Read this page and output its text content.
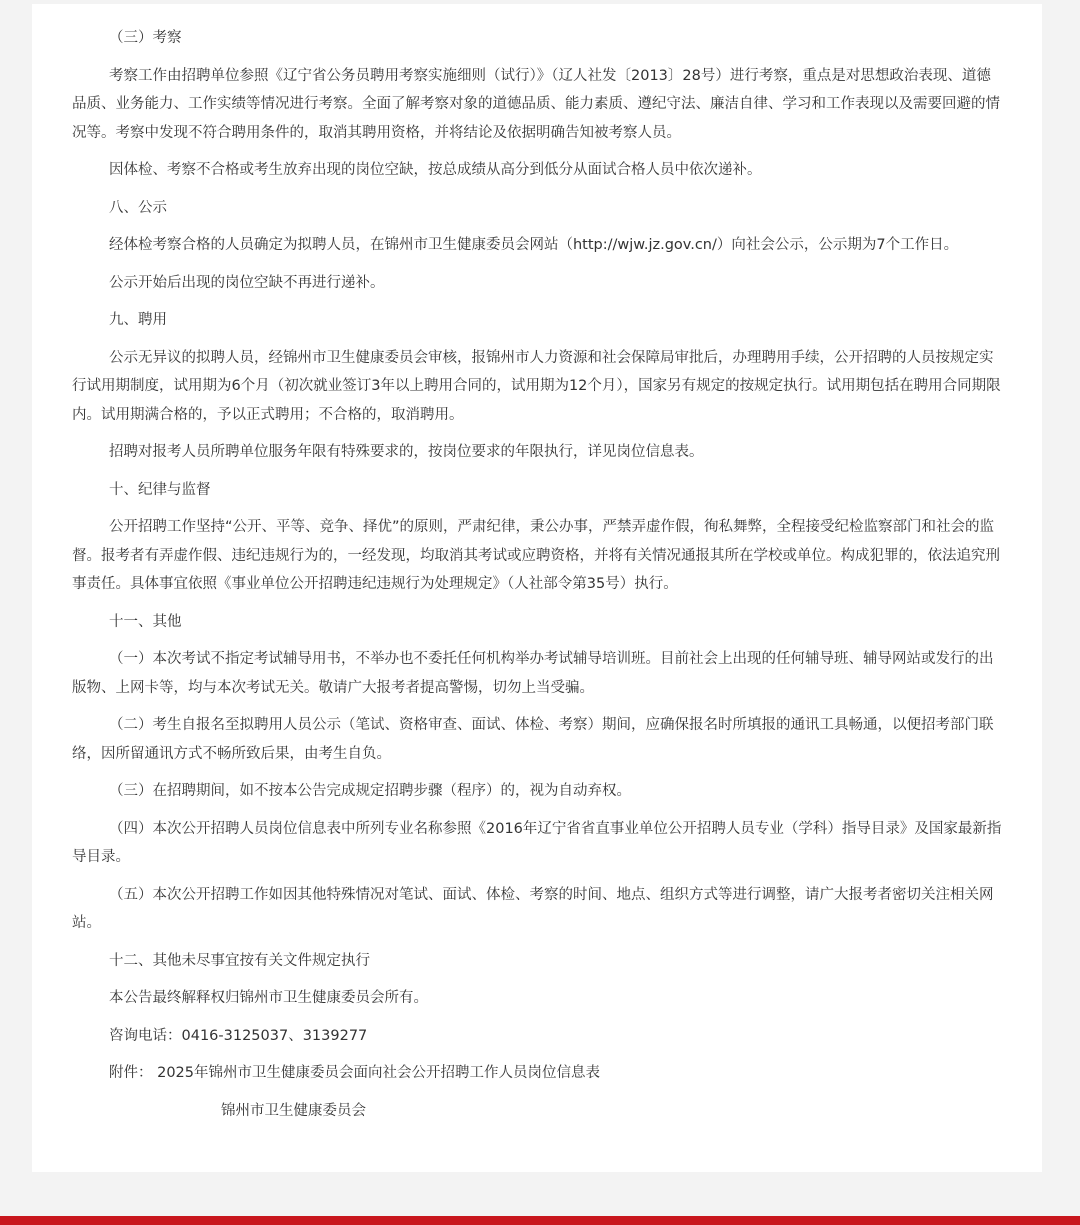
（三）考察

考察工作由招聘单位参照《辽宁省公务员聘用考察实施细则（试行）》（辽人社发〔2013〕28号）进行考察，重点是对思想政治表现、道德品质、业务能力、工作实绩等情况进行考察。全面了解考察对象的道德品质、能力素质、遵纪守法、廉洁自律、学习和工作表现以及需要回避的情况等。考察中发现不符合聘用条件的，取消其聘用资格，并将结论及依据明确告知被考察人员。

因体检、考察不合格或考生放弃出现的岗位空缺，按总成绩从高分到低分从面试合格人员中依次递补。

八、公示

经体检考察合格的人员确定为拟聘人员，在锦州市卫生健康委员会网站（http://wjw.jz.gov.cn/）向社会公示，公示期为7个工作日。

公示开始后出现的岗位空缺不再进行递补。

九、聘用

公示无异议的拟聘人员，经锦州市卫生健康委员会审核，报锦州市人力资源和社会保障局审批后，办理聘用手续，公开招聘的人员按规定实行试用期制度，试用期为6个月（初次就业签订3年以上聘用合同的，试用期为12个月），国家另有规定的按规定执行。试用期包括在聘用合同期限内。试用期满合格的，予以正式聘用；不合格的，取消聘用。

招聘对报考人员所聘单位服务年限有特殊要求的，按岗位要求的年限执行，详见岗位信息表。

十、纪律与监督

公开招聘工作坚持“公开、平等、竞争、择优”的原则，严肃纪律，秉公办事，严禁弄虚作假，徇私舞弊，全程接受纪检监察部门和社会的监督。报考者有弄虚作假、违纪违规行为的，一经发现，均取消其考试或应聘资格，并将有关情况通报其所在学校或单位。构成犯罪的，依法追究刑事责任。具体事宜依照《事业单位公开招聘违纪违规行为处理规定》（人社部令第35号）执行。

十一、其他

（一）本次考试不指定考试辅导用书，不举办也不委托任何机构举办考试辅导培训班。目前社会上出现的任何辅导班、辅导网站或发行的出版物、上网卡等，均与本次考试无关。敬请广大报考者提高警惕，切勿上当受骗。

（二）考生自报名至拟聘用人员公示（笔试、资格审查、面试、体检、考察）期间，应确保报名时所填报的通讯工具畅通，以便招考部门联络，因所留通讯方式不畅所致后果，由考生自负。

（三）在招聘期间，如不按本公告完成规定招聘步骤（程序）的，视为自动弃权。

（四）本次公开招聘人员岗位信息表中所列专业名称参照《2016年辽宁省省直事业单位公开招聘人员专业（学科）指导目录》及国家最新指导目录。

（五）本次公开招聘工作如因其他特殊情况对笔试、面试、体检、考察的时间、地点、组织方式等进行调整，请广大报考者密切关注相关网站。

十二、其他未尽事宜按有关文件规定执行

本公告最终解释权归锦州市卫生健康委员会所有。

咨询电话：0416-3125037、3139277

附件： 2025年锦州市卫生健康委员会面向社会公开招聘工作人员岗位信息表

锦州市卫生健康委员会
